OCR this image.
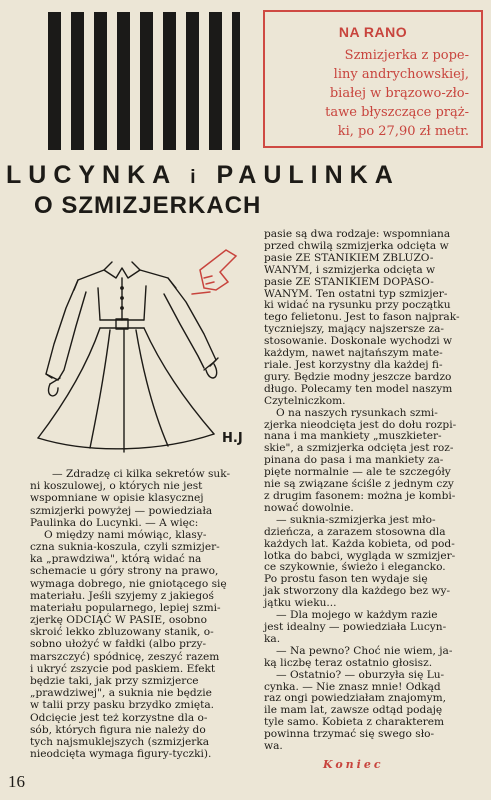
NA RANO
Szmizjerka z pope-
liny andrychowskiej,
białej w brązowo-zło-
tawe błyszczące prąż-
ki, po 27,90 zł metr.
LUCYNKA i PAULINKA
O SZMIZJERKACH
H.J
— Zdradzę ci kilka sekretów suk-
ni koszulowej, o których nie jest
wspomniane w opisie klasycznej
szmizjerki powyżej — powiedziała
Paulinka do Lucynki. — A więc:
O między nami mówiąc, klasy-
czna suknia-koszula, czyli szmizjer-
ka „prawdziwa", którą widać na
schemacie u góry strony na prawo,
wymaga dobrego, nie gniotącego się
materiału. Jeśli szyjemy z jakiegoś
materiału popularnego, lepiej szmi-
zjerkę ODCIĄĆ W PASIE, osobno
skroić lekko zbluzowany stanik, o-
sobno ułożyć w fałdki (albo przy-
marszczyć) spódnicę, zeszyć razem
i ukryć zszycie pod paskiem. Efekt
będzie taki, jak przy szmizjerce
„prawdziwej", a suknia nie będzie
w talii przy pasku brzydko zmięta.
Odcięcie jest też korzystne dla o-
sób, których figura nie należy do
tych najsmuklejszych (szmizjerka
nieodcięta wymaga figury-tyczki).
pasie są dwa rodzaje: wspomniana
przed chwilą szmizjerka odcięta w
pasie ZE STANIKIEM ZBLUZO-
WANYM, i szmizjerka odcięta w
pasie ZE STANIKIEM DOPASO-
WANYM. Ten ostatni typ szmizjer-
ki widać na rysunku przy początku
tego felietonu. Jest to fason najprak-
tyczniejszy, mający najszersze za-
stosowanie. Doskonale wychodzi w
każdym, nawet najtańszym mate-
riale. Jest korzystny dla każdej fi-
gury. Będzie modny jeszcze bardzo
długo. Polecamy ten model naszym
Czytelniczkom.
O na naszych rysunkach szmi-
zjerka nieodcięta jest do dołu rozpi-
nana i ma mankiety „muszkieter-
skie", a szmizjerka odcięta jest roz-
pinana do pasa i ma mankiety za-
pięte normalnie — ale te szczegóły
nie są związane ściśle z jednym czy
z drugim fasonem: można je kombi-
nować dowolnie.
— suknia-szmizjerka jest mło-
dzieńcza, a zarazem stosowna dla
każdych lat. Każda kobieta, od pod-
lotka do babci, wygląda w szmizjer-
ce szykownie, świeżo i elegancko.
Po prostu fason ten wydaje się
jak stworzony dla każdego bez wy-
jątku wieku...
— Dla mojego w każdym razie
jest idealny — powiedziała Lucyn-
ka.
— Na pewno? Choć nie wiem, ja-
ką liczbę teraz ostatnio głosisz.
— Ostatnio? — oburzyła się Lu-
cynka. — Nie znasz mnie! Odkąd
raz ongi powiedziałam znajomym,
ile mam lat, zawsze odtąd podaję
tyle samo. Kobieta z charakterem
powinna trzymać się swego sło-
wa.
Koniec
16
